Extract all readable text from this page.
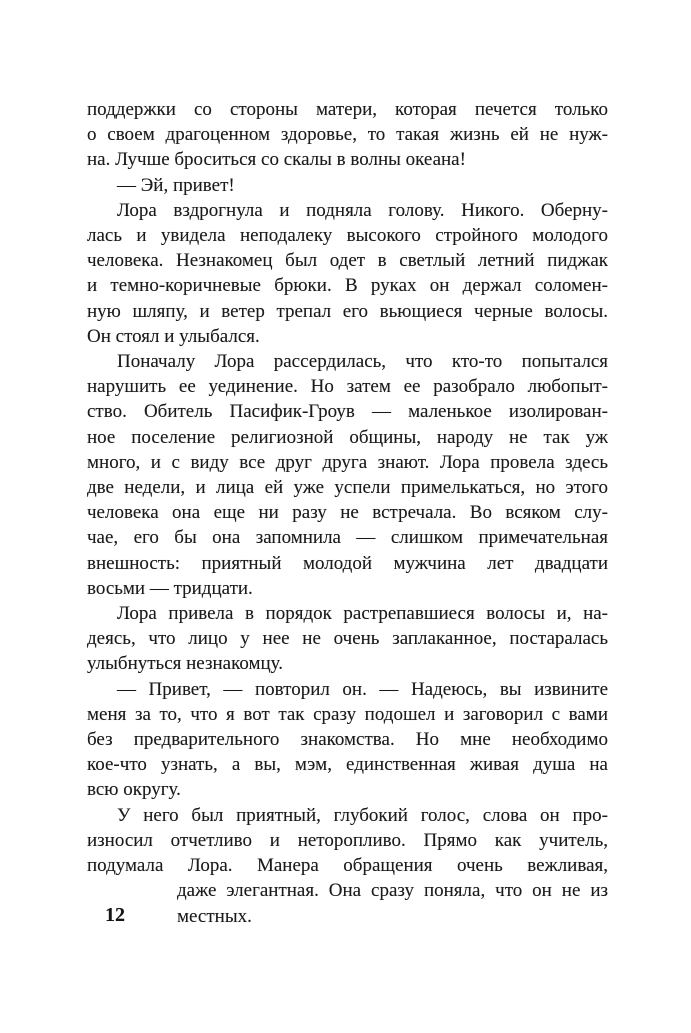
поддержки со стороны матери, которая печется только
о своем драгоценном здоровье, то такая жизнь ей не нуж-
на. Лучше броситься со скалы в волны океана!
— Эй, привет!
Лора вздрогнула и подняла голову. Никого. Оберну-
лась и увидела неподалеку высокого стройного молодого
человека. Незнакомец был одет в светлый летний пиджак
и темно-коричневые брюки. В руках он держал соломен-
ную шляпу, и ветер трепал его вьющиеся черные волосы.
Он стоял и улыбался.
Поначалу Лора рассердилась, что кто-то попытался
нарушить ее уединение. Но затем ее разобрало любопыт-
ство. Обитель Пасифик-Гроув — маленькое изолирован-
ное поселение религиозной общины, народу не так уж
много, и с виду все друг друга знают. Лора провела здесь
две недели, и лица ей уже успели примелькаться, но этого
человека она еще ни разу не встречала. Во всяком слу-
чае, его бы она запомнила — слишком примечательная
внешность: приятный молодой мужчина лет двадцати
восьми — тридцати.
Лора привела в порядок растрепавшиеся волосы и, на-
деясь, что лицо у нее не очень заплаканное, постаралась
улыбнуться незнакомцу.
— Привет, — повторил он. — Надеюсь, вы извините
меня за то, что я вот так сразу подошел и заговорил с вами
без предварительного знакомства. Но мне необходимо
кое-что узнать, а вы, мэм, единственная живая душа на
всю округу.
У него был приятный, глубокий голос, слова он про-
износил отчетливо и неторопливо. Прямо как учитель,
подумала Лора. Манера обращения очень вежливая,
даже элегантная. Она сразу поняла, что он не из
местных.
12
